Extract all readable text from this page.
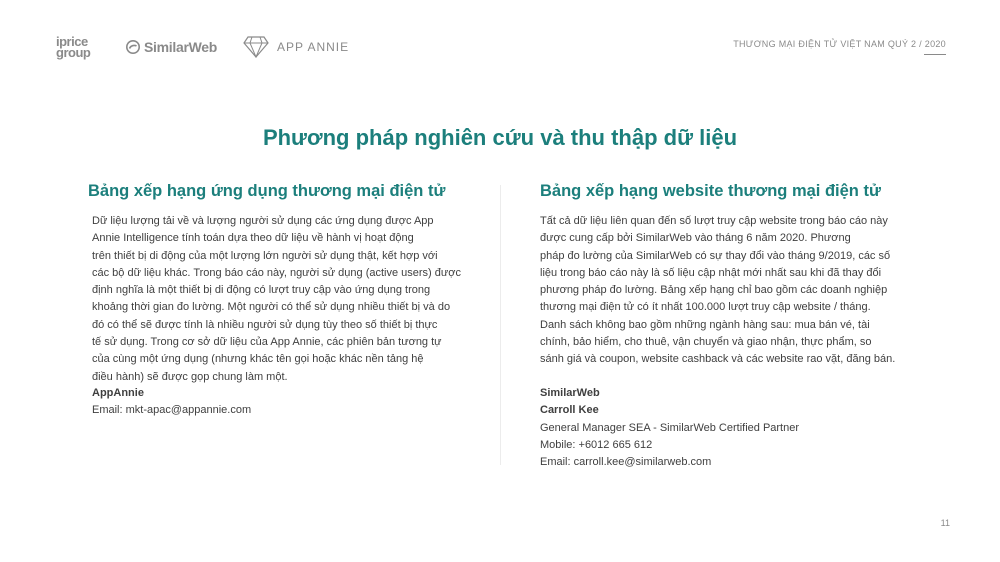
iprice
group	SimilarWeb	APP ANNIE	THƯƠNG MẠI ĐIỆN TỬ VIỆT NAM QUÝ 2 / 2020
Phương pháp nghiên cứu và thu thập dữ liệu
Bảng xếp hạng ứng dụng thương mại điện tử

Dữ liệu lượng tải về và lượng người sử dụng các ứng dụng được App
Annie Intelligence tính toán dựa theo dữ liệu về hành vị hoạt động
trên thiết bị di động của một lượng lớn người sử dụng thật, kết hợp với
các bộ dữ liệu khác. Trong báo cáo này, người sử dụng (active users) được
định nghĩa là một thiết bị di động có lượt truy cập vào ứng dụng trong
khoảng thời gian đo lường. Một người có thể sử dụng nhiều thiết bị và do
đó có thể sẽ được tính là nhiều người sử dụng tùy theo số thiết bị thực
tế sử dụng. Trong cơ sở dữ liệu của App Annie, các phiên bản tương tự
của cùng một ứng dụng (nhưng khác tên gọi hoặc khác nền tảng hệ
điều hành) sẽ được gọp chung làm một.

Bảng xếp hạng website thương mại điện tử

Tất cả dữ liệu liên quan đến số lượt truy cập website trong báo cáo này
được cung cấp bởi SimilarWeb vào tháng 6 năm 2020. Phương
pháp đo lường của SimilarWeb có sự thay đổi vào tháng 9/2019, các số
liệu trong báo cáo này là số liệu cập nhật mới nhất sau khi đã thay đổi
phương pháp đo lường. Bảng xếp hạng chỉ bao gồm các doanh nghiệp
thương mại điện tử có ít nhất 100.000 lượt truy cập website / tháng.
Danh sách không bao gồm những ngành hàng sau: mua bán vé, tài
chính, bảo hiểm, cho thuê, vận chuyển và giao nhận, thực phẩm, so
sánh giá và coupon, website cashback và các website rao vặt, đăng bán.

AppAnnie
Email: mkt-apac@appannie.com
SimilarWeb
Carroll Kee
General Manager SEA - SimilarWeb Certified Partner
Mobile: +6012 665 612
Email: carroll.kee@similarweb.com
11
